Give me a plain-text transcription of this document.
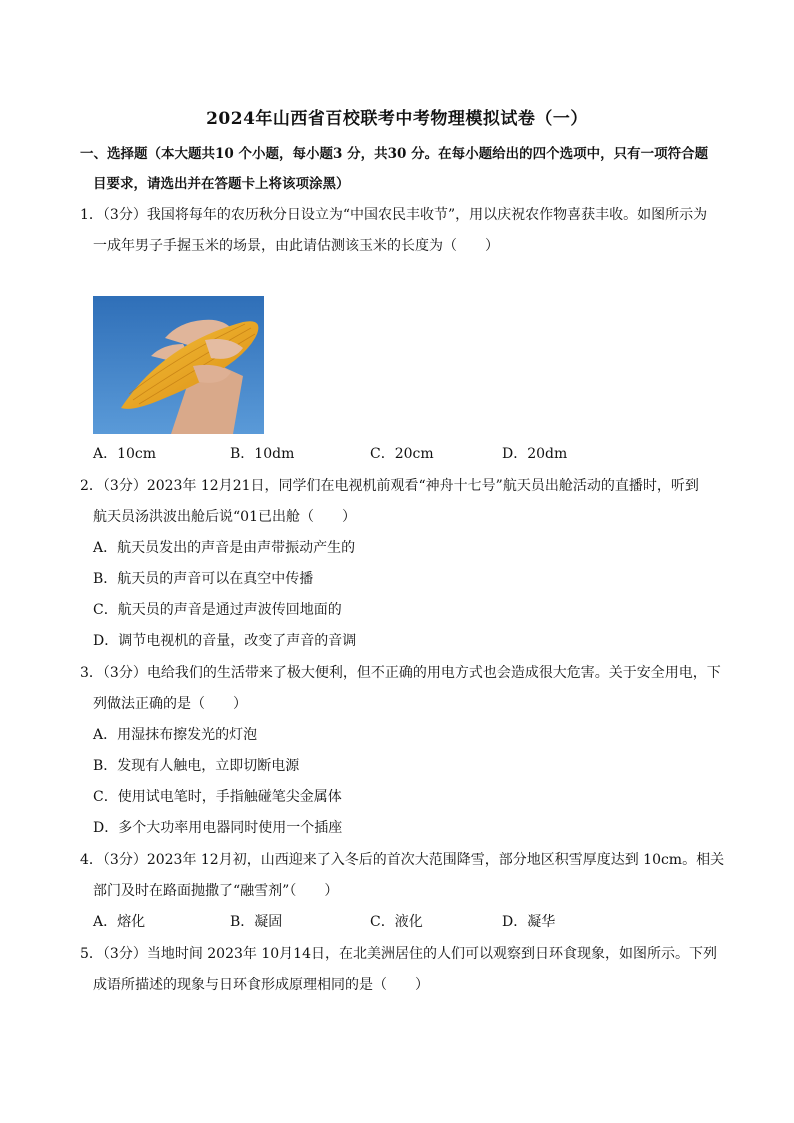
2024年山西省百校联考中考物理模拟试卷（一）
一、选择题（本大题共10 个小题，每小题3 分，共30 分。在每小题给出的四个选项中，只有一项符合题
目要求，请选出并在答题卡上将该项涂黑）
1．（3分）我国将每年的农历秋分日设立为“中国农民丰收节”，用以庆祝农作物喜获丰收。如图所示为
一成年男子手握玉米的场景，由此请估测该玉米的长度为（　　）
A．10cm	B．10dm	C．20cm	D．20dm
2．（3分）2023年 12月21日，同学们在电视机前观看“神舟十七号”航天员出舱活动的直播时，听到
航天员汤洪波出舱后说“01已出舱（　　）
A．航天员发出的声音是由声带振动产生的
B．航天员的声音可以在真空中传播
C．航天员的声音是通过声波传回地面的
D．调节电视机的音量，改变了声音的音调
3．（3分）电给我们的生活带来了极大便利，但不正确的用电方式也会造成很大危害。关于安全用电，下
列做法正确的是（　　）
A．用湿抹布擦发光的灯泡
B．发现有人触电，立即切断电源
C．使用试电笔时，手指触碰笔尖金属体
D．多个大功率用电器同时使用一个插座
4．（3分）2023年 12月初，山西迎来了入冬后的首次大范围降雪，部分地区积雪厚度达到 10cm。相关
部门及时在路面抛撒了“融雪剂”（　　）
A．熔化	B．凝固	C．液化	D．凝华
5．（3分）当地时间 2023年 10月14日，在北美洲居住的人们可以观察到日环食现象，如图所示。下列
成语所描述的现象与日环食形成原理相同的是（　　）
